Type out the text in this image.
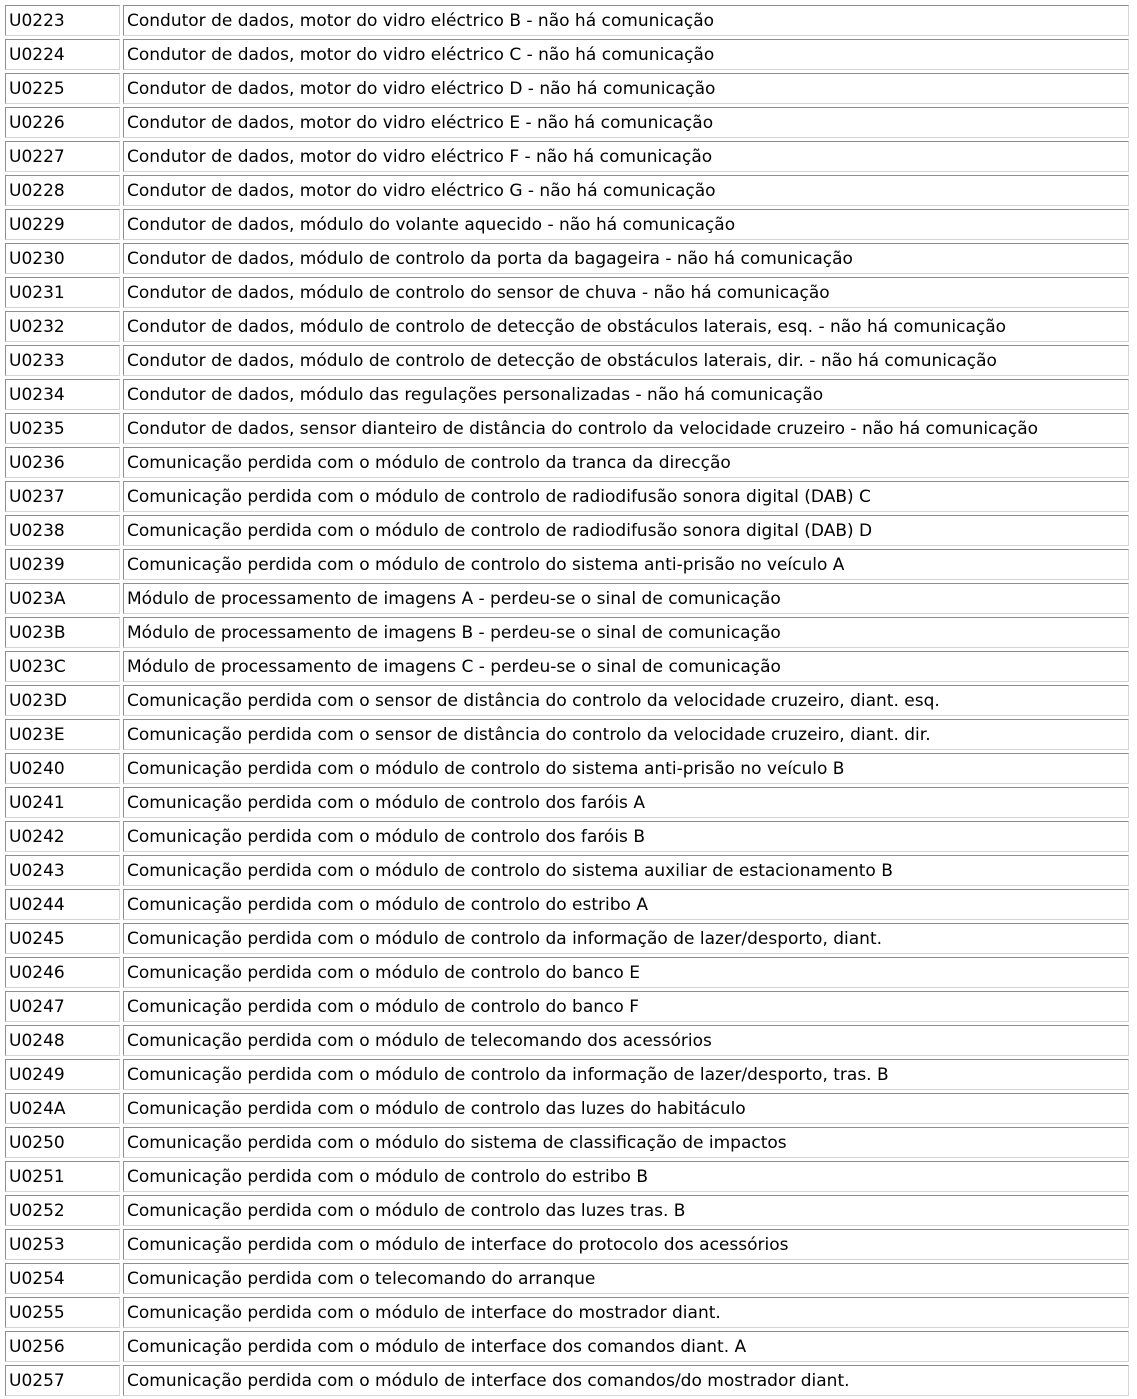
U0223	Condutor de dados, motor do vidro eléctrico B - não há comunicação
U0224	Condutor de dados, motor do vidro eléctrico C - não há comunicação
U0225	Condutor de dados, motor do vidro eléctrico D - não há comunicação
U0226	Condutor de dados, motor do vidro eléctrico E - não há comunicação
U0227	Condutor de dados, motor do vidro eléctrico F - não há comunicação
U0228	Condutor de dados, motor do vidro eléctrico G - não há comunicação
U0229	Condutor de dados, módulo do volante aquecido - não há comunicação
U0230	Condutor de dados, módulo de controlo da porta da bagageira - não há comunicação
U0231	Condutor de dados, módulo de controlo do sensor de chuva - não há comunicação
U0232	Condutor de dados, módulo de controlo de detecção de obstáculos laterais, esq. - não há comunicação
U0233	Condutor de dados, módulo de controlo de detecção de obstáculos laterais, dir. - não há comunicação
U0234	Condutor de dados, módulo das regulações personalizadas - não há comunicação
U0235	Condutor de dados, sensor dianteiro de distância do controlo da velocidade cruzeiro - não há comunicação
U0236	Comunicação perdida com o módulo de controlo da tranca da direcção
U0237	Comunicação perdida com o módulo de controlo de radiodifusão sonora digital (DAB) C
U0238	Comunicação perdida com o módulo de controlo de radiodifusão sonora digital (DAB) D
U0239	Comunicação perdida com o módulo de controlo do sistema anti-prisão no veículo A
U023A	Módulo de processamento de imagens A - perdeu-se o sinal de comunicação
U023B	Módulo de processamento de imagens B - perdeu-se o sinal de comunicação
U023C	Módulo de processamento de imagens C - perdeu-se o sinal de comunicação
U023D	Comunicação perdida com o sensor de distância do controlo da velocidade cruzeiro, diant. esq.
U023E	Comunicação perdida com o sensor de distância do controlo da velocidade cruzeiro, diant. dir.
U0240	Comunicação perdida com o módulo de controlo do sistema anti-prisão no veículo B
U0241	Comunicação perdida com o módulo de controlo dos faróis A
U0242	Comunicação perdida com o módulo de controlo dos faróis B
U0243	Comunicação perdida com o módulo de controlo do sistema auxiliar de estacionamento B
U0244	Comunicação perdida com o módulo de controlo do estribo A
U0245	Comunicação perdida com o módulo de controlo da informação de lazer/desporto, diant.
U0246	Comunicação perdida com o módulo de controlo do banco E
U0247	Comunicação perdida com o módulo de controlo do banco F
U0248	Comunicação perdida com o módulo de telecomando dos acessórios
U0249	Comunicação perdida com o módulo de controlo da informação de lazer/desporto, tras. B
U024A	Comunicação perdida com o módulo de controlo das luzes do habitáculo
U0250	Comunicação perdida com o módulo do sistema de classificação de impactos
U0251	Comunicação perdida com o módulo de controlo do estribo B
U0252	Comunicação perdida com o módulo de controlo das luzes tras. B
U0253	Comunicação perdida com o módulo de interface do protocolo dos acessórios
U0254	Comunicação perdida com o telecomando do arranque
U0255	Comunicação perdida com o módulo de interface do mostrador diant.
U0256	Comunicação perdida com o módulo de interface dos comandos diant. A
U0257	Comunicação perdida com o módulo de interface dos comandos/do mostrador diant.
